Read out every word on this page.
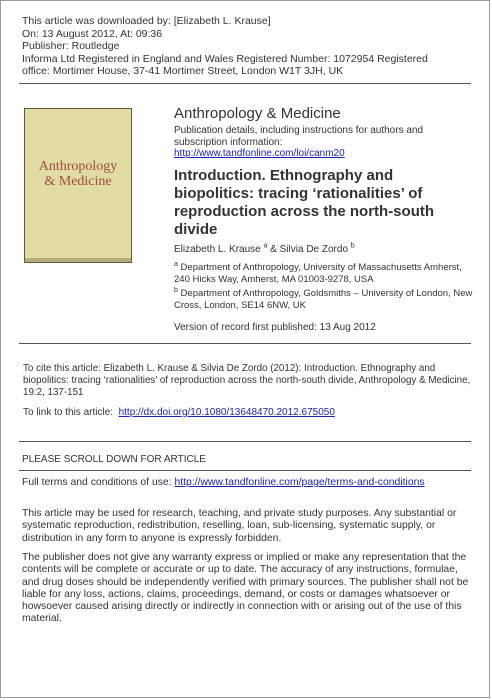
This article was downloaded by: [Elizabeth L. Krause]
On: 13 August 2012, At: 09:36
Publisher: Routledge
Informa Ltd Registered in England and Wales Registered Number: 1072954 Registered
office: Mortimer House, 37-41 Mortimer Street, London W1T 3JH, UK
Anthropology
& Medicine
Anthropology & Medicine
Publication details, including instructions for authors and
subscription information:
http://www.tandfonline.com/loi/canm20
Introduction. Ethnography and biopolitics: tracing ‘rationalities’ of reproduction across the north-south divide
Elizabeth L. Krause $^a$ & Silvia De Zordo $^b$
$^a$ Department of Anthropology, University of Massachusetts Amherst, 240 Hicks Way, Amherst, MA 01003-9278, USA
$^b$ Department of Anthropology, Goldsmiths – University of London, New Cross, London, SE14 6NW, UK
Version of record first published: 13 Aug 2012
To cite this article: Elizabeth L. Krause & Silvia De Zordo (2012): Introduction. Ethnography and biopolitics: tracing ‘rationalities’ of reproduction across the north-south divide, Anthropology & Medicine, 19:2, 137-151
To link to this article:  http://dx.doi.org/10.1080/13648470.2012.675050
PLEASE SCROLL DOWN FOR ARTICLE
Full terms and conditions of use: http://www.tandfonline.com/page/terms-and-conditions
This article may be used for research, teaching, and private study purposes. Any substantial or systematic reproduction, redistribution, reselling, loan, sub-licensing, systematic supply, or distribution in any form to anyone is expressly forbidden.
The publisher does not give any warranty express or implied or make any representation that the contents will be complete or accurate or up to date. The accuracy of any instructions, formulae, and drug doses should be independently verified with primary sources. The publisher shall not be liable for any loss, actions, claims, proceedings, demand, or costs or damages whatsoever or howsoever caused arising directly or indirectly in connection with or arising out of the use of this material.
